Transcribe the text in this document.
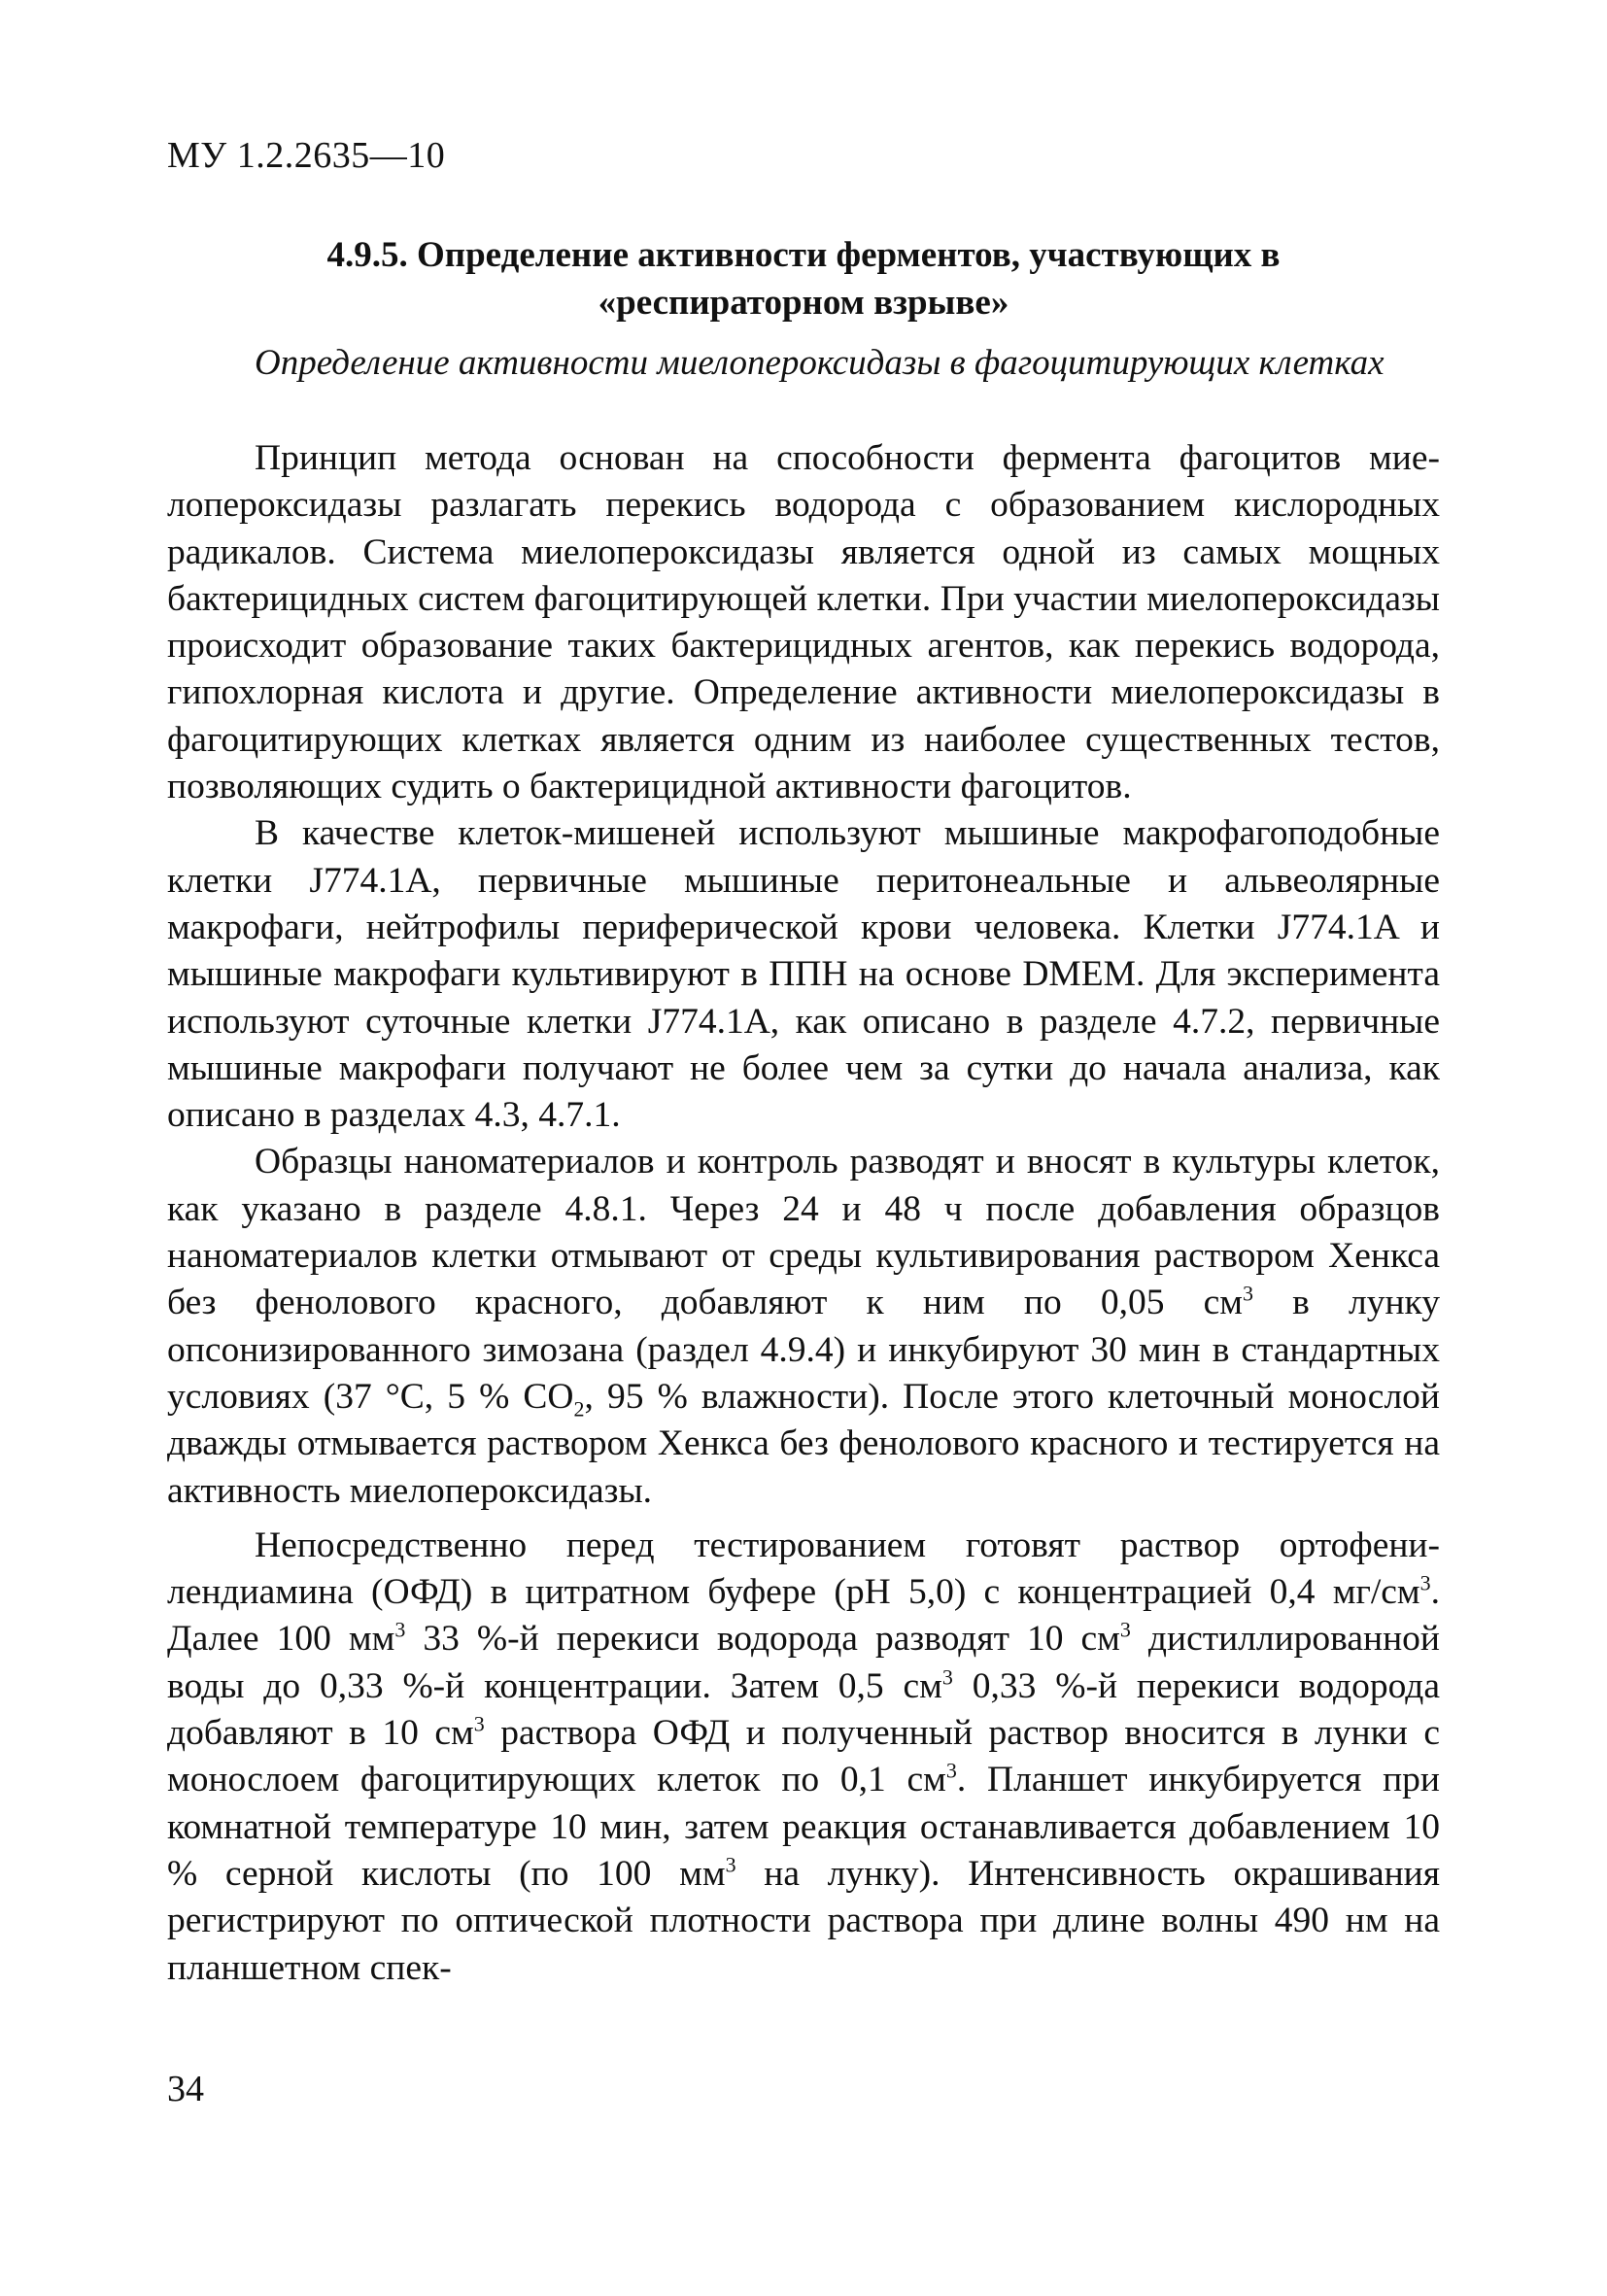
МУ 1.2.2635—10
4.9.5. Определение активности ферментов, участвующих в
«респираторном взрыве»
Определение активности миелопероксидазы в фагоцитирующих клетках

Принцип метода основан на способности фермента фагоцитов миелопероксидазы разлагать перекись водорода с образованием кислородных радикалов. Система миелопероксидазы является одной из самых мощных бактерицидных систем фагоцитирующей клетки. При участии миелопероксидазы происходит образование таких бактерицидных агентов, как перекись водорода, гипохлорная кислота и другие. Определение активности миелопероксидазы в фагоцитирующих клетках является одним из наиболее существенных тестов, позволяющих судить о бактерицидной активности фагоцитов.

В качестве клеток-мишеней используют мышиные макрофагоподобные клетки J774.1A, первичные мышиные перитонеальные и альвеолярные макрофаги, нейтрофилы периферической крови человека. Клетки J774.1A и мышиные макрофаги культивируют в ППН на основе DMEM. Для эксперимента используют суточные клетки J774.1A, как описано в разделе 4.7.2, первичные мышиные макрофаги получают не более чем за сутки до начала анализа, как описано в разделах 4.3, 4.7.1.

Образцы наноматериалов и контроль разводят и вносят в культуры клеток, как указано в разделе 4.8.1. Через 24 и 48 ч после добавления образцов наноматериалов клетки отмывают от среды культивирования раствором Хенкса без фенолового красного, добавляют к ним по 0,05 $см^3$ в лунку опсонизированного зимозана (раздел 4.9.4) и инкубируют 30 мин в стандартных условиях (37 °С, 5 % $СО_2$, 95 % влажности). После этого клеточный монослой дважды отмывается раствором Хенкса без фенолового красного и тестируется на активность миелопероксидазы.

Непосредственно перед тестированием готовят раствор ортофенилендиамина (ОФД) в цитратном буфере (рН 5,0) с концентрацией 0,4 $мг/см^3$. Далее 100 $мм^3$ 33 %-й перекиси водорода разводят 10 $см^3$ дистиллированной воды до 0,33 %-й концентрации. Затем 0,5 $см^3$ 0,33 %-й перекиси водорода добавляют в 10 $см^3$ раствора ОФД и полученный раствор вносится в лунки с монослоем фагоцитирующих клеток по 0,1 $см^3$. Планшет инкубируется при комнатной температуре 10 мин, затем реакция останавливается добавлением 10 % серной кислоты (по 100 $мм^3$ на лунку). Интенсивность окрашивания регистрируют по оптической плотности раствора при длине волны 490 нм на планшетном спек-

34
